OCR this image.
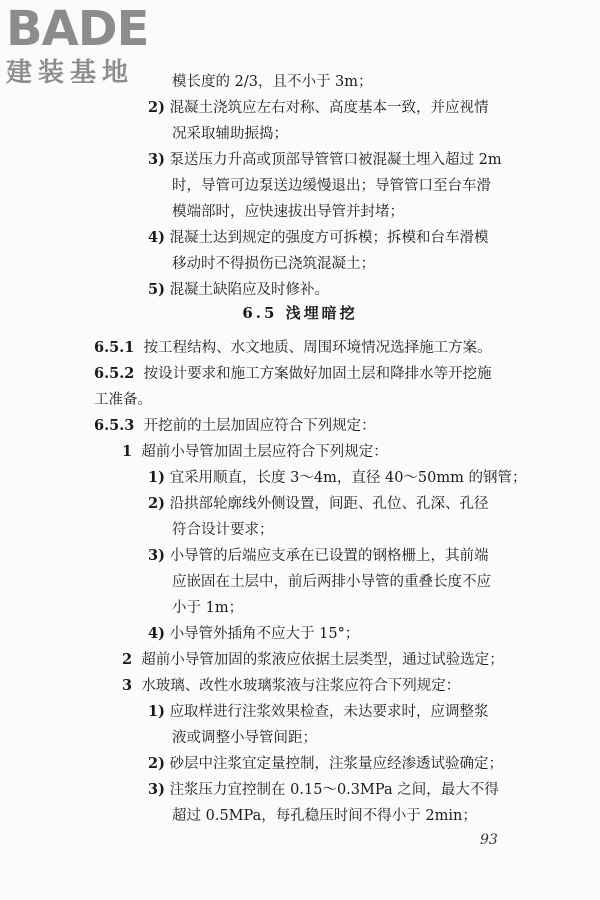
B A DE
建装基地	模长度的 2/3，且不小于 3m；
2) 混凝土浇筑应左右对称、高度基本一致，并应视情
况采取辅助振捣；
3) 泵送压力升高或顶部导管管口被混凝土埋入超过 2m
时，导管可边泵送边缓慢退出；导管管口至台车滑
模端部时，应快速拔出导管并封堵；
4) 混凝土达到规定的强度方可拆模；拆模和台车滑模
移动时不得损伤已浇筑混凝土；
5) 混凝土缺陷应及时修补。
6.5 浅埋暗挖
6.5.1 按工程结构、水文地质、周围环境情况选择施工方案。
6.5.2 按设计要求和施工方案做好加固土层和降排水等开挖施
工准备。
6.5.3 开挖前的土层加固应符合下列规定：
1 超前小导管加固土层应符合下列规定：
1) 宜采用顺直，长度 3～4m，直径 40～50mm 的钢管；
2) 沿拱部轮廓线外侧设置，间距、孔位、孔深、孔径
符合设计要求；
3) 小导管的后端应支承在已设置的钢格栅上，其前端
应嵌固在土层中，前后两排小导管的重叠长度不应
小于 1m；
4) 小导管外插角不应大于 15°；
2 超前小导管加固的浆液应依据土层类型，通过试验选定；
3 水玻璃、改性水玻璃浆液与注浆应符合下列规定：
1) 应取样进行注浆效果检查，未达要求时，应调整浆
液或调整小导管间距；
2) 砂层中注浆宜定量控制，注浆量应经渗透试验确定；
3) 注浆压力宜控制在 0.15～0.3MPa 之间，最大不得
超过 0.5MPa，每孔稳压时间不得小于 2min；
93
